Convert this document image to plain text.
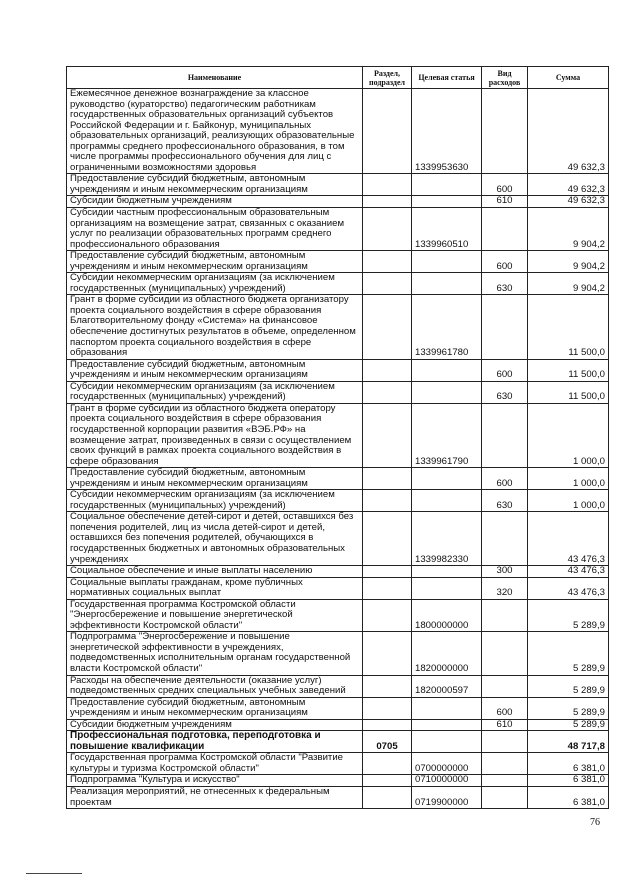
Наименование	Раздел, подраздел	Целевая статья	Вид расходов	Сумма
Ежемесячное денежное вознаграждение за классное руководство (кураторство) педагогическим работникам государственных образовательных организаций субъектов Российской Федерации и г. Байконур, муниципальных образовательных организаций, реализующих образовательные программы среднего профессионального образования, в том числе программы профессионального обучения для лиц с ограниченными возможностями здоровья		1339953630		49 632,3
Предоставление субсидий бюджетным, автономным учреждениям и иным некоммерческим организациям			600	49 632,3
Субсидии бюджетным учреждениям			610	49 632,3
Субсидии частным профессиональным образовательным организациям на возмещение затрат, связанных с оказанием услуг по реализации образовательных программ среднего профессионального образования		1339960510		9 904,2
Предоставление субсидий бюджетным, автономным учреждениям и иным некоммерческим организациям			600	9 904,2
Субсидии некоммерческим организациям (за исключением государственных (муниципальных) учреждений)			630	9 904,2
Грант в форме субсидии из областного бюджета организатору проекта социального воздействия в сфере образования Благотворительному фонду «Система» на финансовое обеспечение достигнутых результатов в объеме, определенном паспортом проекта социального воздействия в сфере образования		1339961780		11 500,0
Предоставление субсидий бюджетным, автономным учреждениям и иным некоммерческим организациям			600	11 500,0
Субсидии некоммерческим организациям (за исключением государственных (муниципальных) учреждений)			630	11 500,0
Грант в форме субсидии из областного бюджета оператору проекта социального воздействия в сфере образования государственной корпорации развития «ВЭБ.РФ» на возмещение затрат, произведенных в связи с осуществлением своих функций в рамках проекта социального воздействия в сфере образования		1339961790		1 000,0
Предоставление субсидий бюджетным, автономным учреждениям и иным некоммерческим организациям			600	1 000,0
Субсидии некоммерческим организациям (за исключением государственных (муниципальных) учреждений)			630	1 000,0
Социальное обеспечение детей-сирот и детей, оставшихся без попечения родителей, лиц из числа детей-сирот и детей, оставшихся без попечения родителей, обучающихся в государственных бюджетных и автономных образовательных учреждениях		1339982330		43 476,3
Социальное обеспечение и иные выплаты населению			300	43 476,3
Социальные выплаты гражданам, кроме публичных нормативных социальных выплат			320	43 476,3
Государственная программа Костромской области "Энергосбережение и повышение энергетической эффективности Костромской области"		1800000000		5 289,9
Подпрограмма "Энергосбережение и повышение энергетической эффективности в учреждениях, подведомственных исполнительным органам государственной власти Костромской области"		1820000000		5 289,9
Расходы на обеспечение деятельности (оказание услуг) подведомственных средних специальных учебных заведений		1820000597		5 289,9
Предоставление субсидий бюджетным, автономным учреждениям и иным некоммерческим организациям			600	5 289,9
Субсидии бюджетным учреждениям			610	5 289,9
Профессиональная подготовка, переподготовка и повышение квалификации	0705			48 717,8
Государственная программа Костромской области "Развитие культуры и туризма Костромской области"		0700000000		6 381,0
Подпрограмма "Культура и искусство"		0710000000		6 381,0
Реализация мероприятий, не отнесенных к федеральным проектам		0719900000		6 381,0
76
